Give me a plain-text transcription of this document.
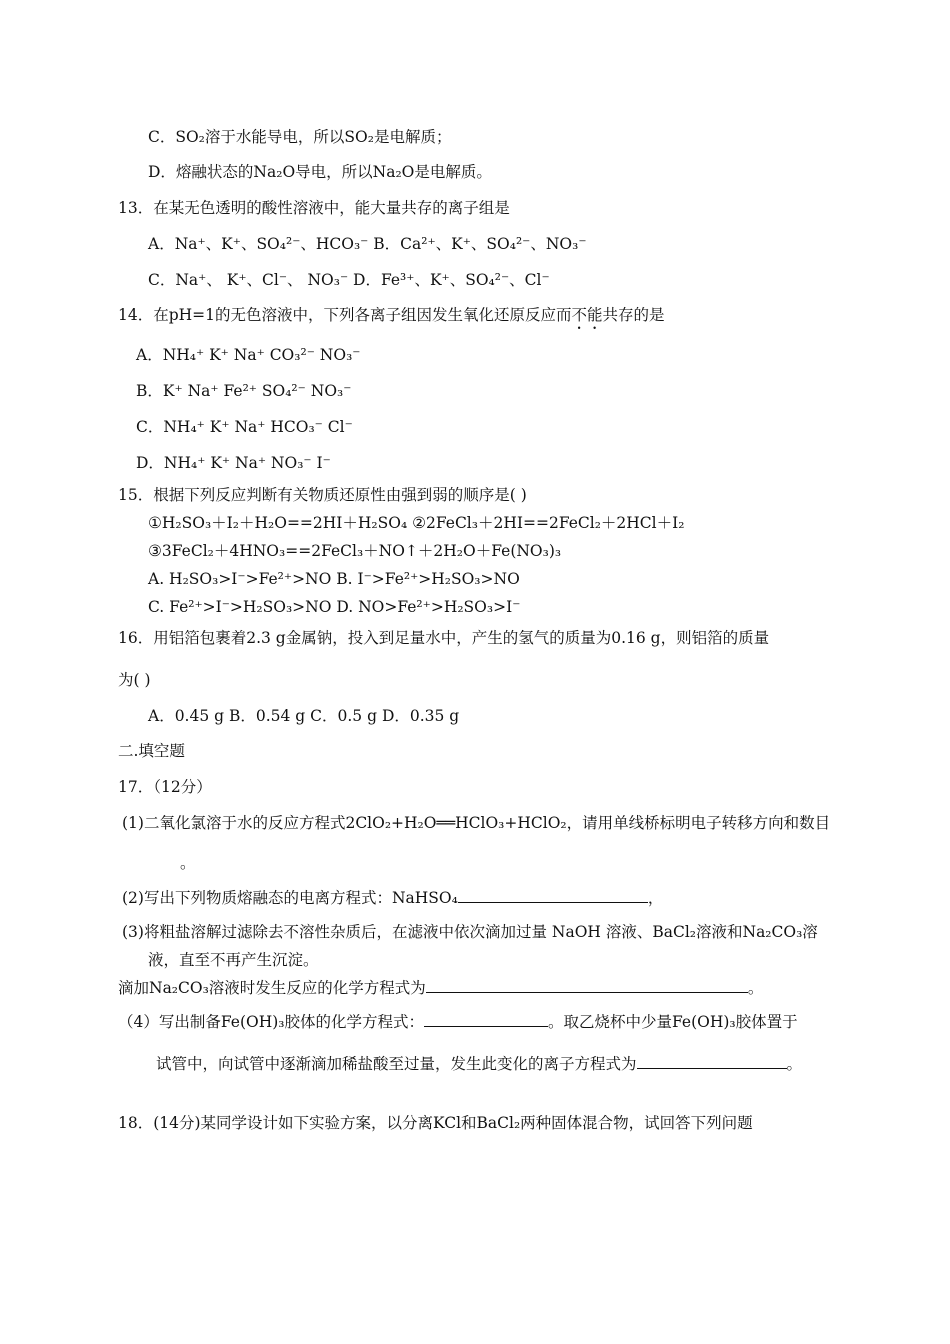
C．SO₂溶于水能导电，所以SO₂是电解质；
D．熔融状态的Na₂O导电，所以Na₂O是电解质。
13．在某无色透明的酸性溶液中，能大量共存的离子组是
A．Na⁺、K⁺、SO₄²⁻、HCO₃⁻ B．Ca²⁺、K⁺、SO₄²⁻、NO₃⁻
C．Na⁺、 K⁺、Cl⁻、 NO₃⁻ D．Fe³⁺、K⁺、SO₄²⁻、Cl⁻
14．在pH=1的无色溶液中，下列各离子组因发生氧化还原反应而不能共存的是
A．NH₄⁺ K⁺ Na⁺ CO₃²⁻ NO₃⁻
B．K⁺ Na⁺ Fe²⁺ SO₄²⁻ NO₃⁻
C．NH₄⁺ K⁺ Na⁺ HCO₃⁻ Cl⁻
D．NH₄⁺ K⁺ Na⁺ NO₃⁻ I⁻
15．根据下列反应判断有关物质还原性由强到弱的顺序是( )
①H₂SO₃＋I₂＋H₂O==2HI＋H₂SO₄ ②2FeCl₃＋2HI==2FeCl₂＋2HCl＋I₂
③3FeCl₂＋4HNO₃==2FeCl₃＋NO↑＋2H₂O＋Fe(NO₃)₃
A. H₂SO₃>I⁻>Fe²⁺>NO B. I⁻>Fe²⁺>H₂SO₃>NO
C. Fe²⁺>I⁻>H₂SO₃>NO D. NO>Fe²⁺>H₂SO₃>I⁻
16．用铝箔包裹着2.3 g金属钠，投入到足量水中，产生的氢气的质量为0.16 g，则铝箔的质量
为( )
A．0.45 g B．0.54 g C．0.5 g D．0.35 g
二.填空题
17．（12分）
(1)二氧化氯溶于水的反应方程式2ClO₂+H₂O══HClO₃+HClO₂，请用单线桥标明电子转移方向和数目
。
(2)写出下列物质熔融态的电离方程式：NaHSO₄	，
(3)将粗盐溶解过滤除去不溶性杂质后，在滤液中依次滴加过量 NaOH 溶液、BaCl₂溶液和Na₂CO₃溶
液，直至不再产生沉淀。
滴加Na₂CO₃溶液时发生反应的化学方程式为	。
（4）写出制备Fe(OH)₃胶体的化学方程式：	。取乙烧杯中少量Fe(OH)₃胶体置于
试管中，向试管中逐渐滴加稀盐酸至过量，发生此变化的离子方程式为	。
18．(14分)某同学设计如下实验方案，以分离KCl和BaCl₂两种固体混合物，试回答下列问题
